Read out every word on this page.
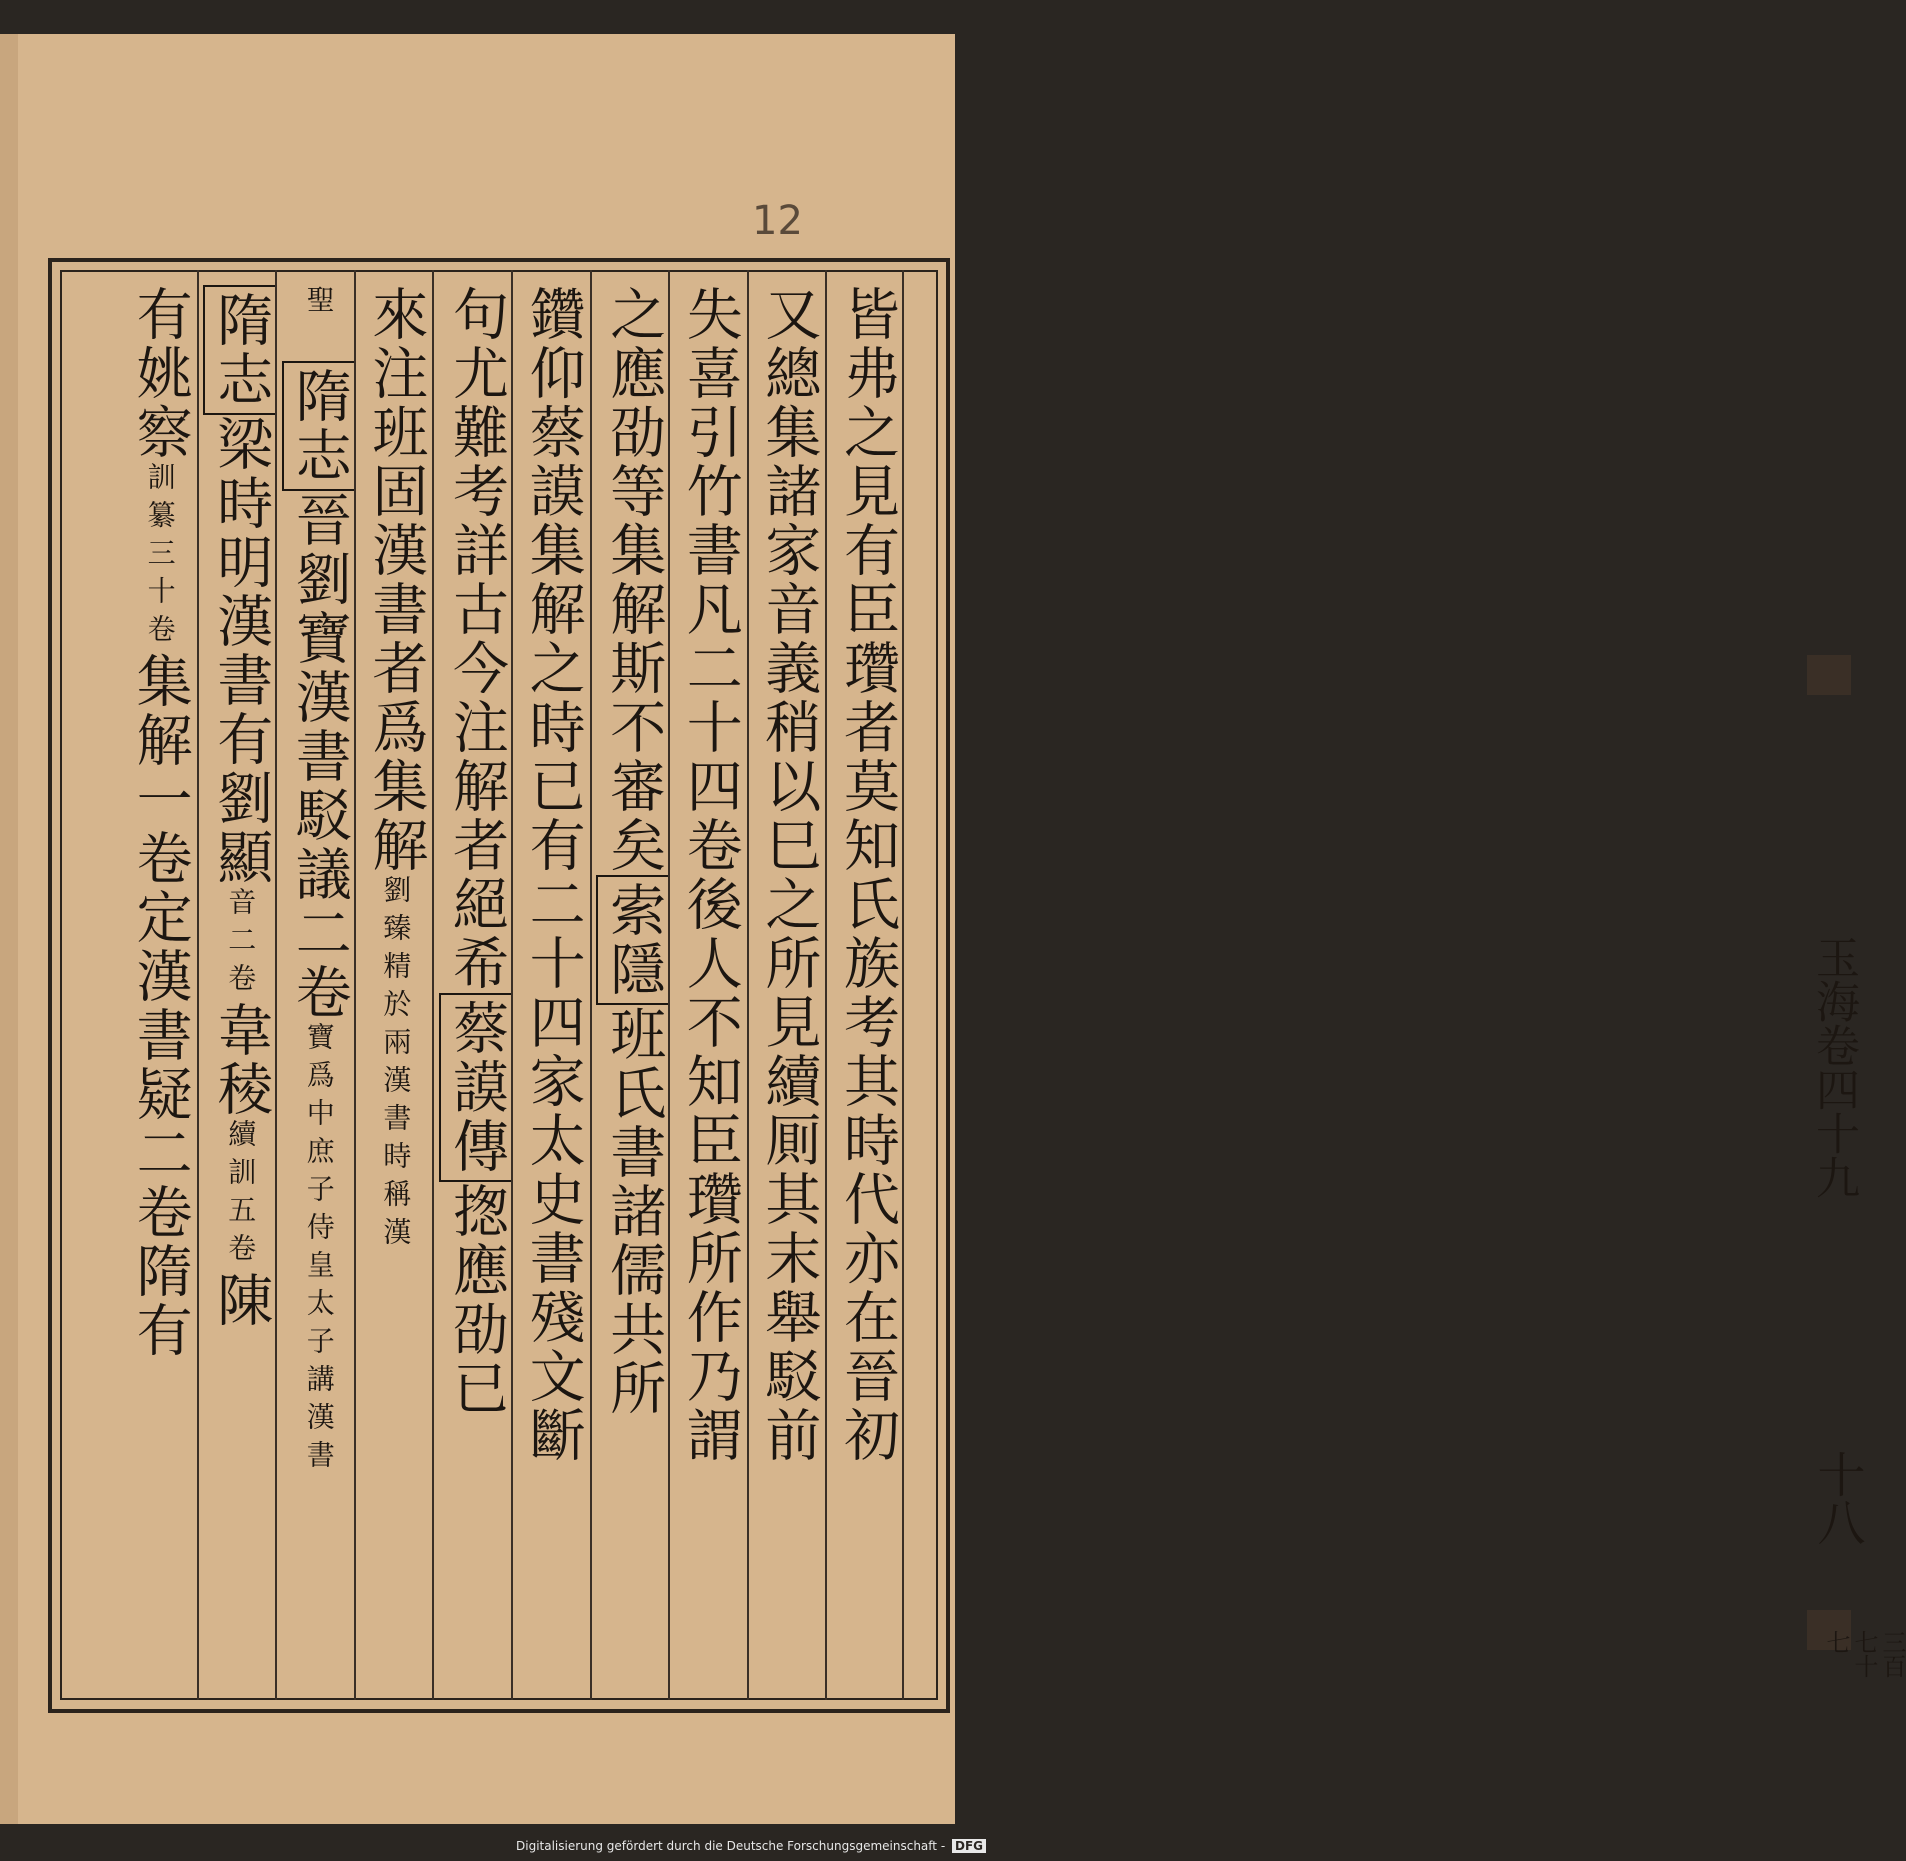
12
皆弗之見有臣瓚者莫知氏族考其時代亦在晉初
又總集諸家音義稍以巳之所見續厠其末舉駁前
失喜引竹書凡二十四卷後人不知臣瓚所作乃謂
之應劭等集解斯不審矣索隱班氏書諸儒共所
鑽仰蔡謨集解之時已有二十四家太史書殘文斷
句尤難考詳古今注解者絕希蔡謨傳揔應劭已
來注班固漢書者爲集解劉臻精於兩漢書時稱漢
聖隋志晉劉寶漢書駁議二卷寶爲中庶子侍皇太子講漢書
隋志梁時明漢書有劉顯音二卷韋稜續訓五卷陳
有姚察訓纂三十卷集解一卷定漢書疑二卷隋有	玉海卷四十九
十八
三百七十七
Digitalisierung gefördert durch die Deutsche Forschungsgemeinschaft - DFG
